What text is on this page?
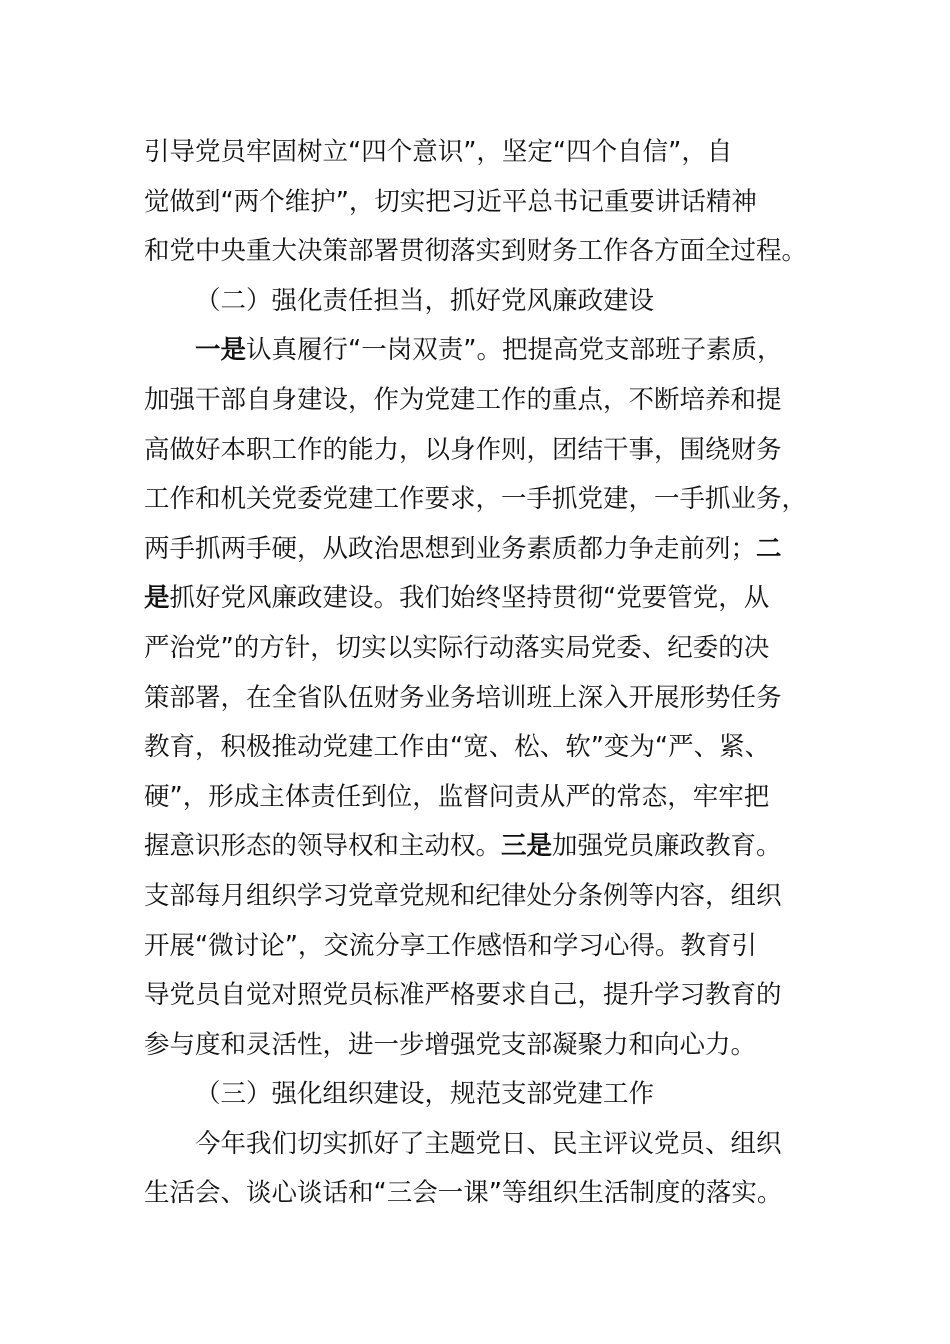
引导党员牢固树立“四个意识”，坚定“四个自信”，自
觉做到“两个维护”，切实把习近平总书记重要讲话精神
和党中央重大决策部署贯彻落实到财务工作各方面全过程。
（二）强化责任担当，抓好党风廉政建设
一是认真履行“一岗双责”。把提高党支部班子素质，
加强干部自身建设，作为党建工作的重点，不断培养和提
高做好本职工作的能力，以身作则，团结干事，围绕财务
工作和机关党委党建工作要求，一手抓党建，一手抓业务，
两手抓两手硬，从政治思想到业务素质都力争走前列；二
是抓好党风廉政建设。我们始终坚持贯彻“党要管党，从
严治党”的方针，切实以实际行动落实局党委、纪委的决
策部署，在全省队伍财务业务培训班上深入开展形势任务
教育，积极推动党建工作由“宽、松、软”变为“严、紧、
硬”，形成主体责任到位，监督问责从严的常态，牢牢把
握意识形态的领导权和主动权。三是加强党员廉政教育。
支部每月组织学习党章党规和纪律处分条例等内容，组织
开展“微讨论”，交流分享工作感悟和学习心得。教育引
导党员自觉对照党员标准严格要求自己，提升学习教育的
参与度和灵活性，进一步增强党支部凝聚力和向心力。
（三）强化组织建设，规范支部党建工作
今年我们切实抓好了主题党日、民主评议党员、组织
生活会、谈心谈话和“三会一课”等组织生活制度的落实。
